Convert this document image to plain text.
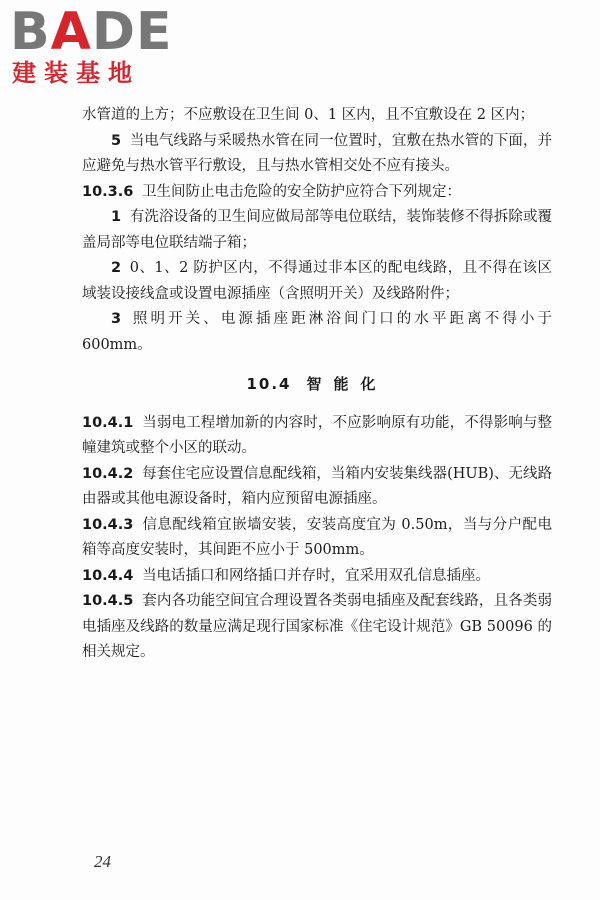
BADE
建装基地

水管道的上方；不应敷设在卫生间 0、1 区内，且不宜敷设在 2 区内；

5 当电气线路与采暖热水管在同一位置时，宜敷在热水管的下面，并应避免与热水管平行敷设，且与热水管相交处不应有接头。

10.3.6 卫生间防止电击危险的安全防护应符合下列规定：

1 有洗浴设备的卫生间应做局部等电位联结，装饰装修不得拆除或覆盖局部等电位联结端子箱；

2 0、1、2 防护区内，不得通过非本区的配电线路，且不得在该区域装设接线盒或设置电源插座（含照明开关）及线路附件；

3 照明开关、电源插座距淋浴间门口的水平距离不得小于 600mm。

10.4 智能化

10.4.1 当弱电工程增加新的内容时，不应影响原有功能，不得影响与整幢建筑或整个小区的联动。

10.4.2 每套住宅应设置信息配线箱，当箱内安装集线器(HUB)、无线路由器或其他电源设备时，箱内应预留电源插座。

10.4.3 信息配线箱宜嵌墙安装，安装高度宜为 0.50m，当与分户配电箱等高度安装时，其间距不应小于 500mm。

10.4.4 当电话插口和网络插口并存时，宜采用双孔信息插座。

10.4.5 套内各功能空间宜合理设置各类弱电插座及配套线路，且各类弱电插座及线路的数量应满足现行国家标准《住宅设计规范》GB 50096 的相关规定。

24
